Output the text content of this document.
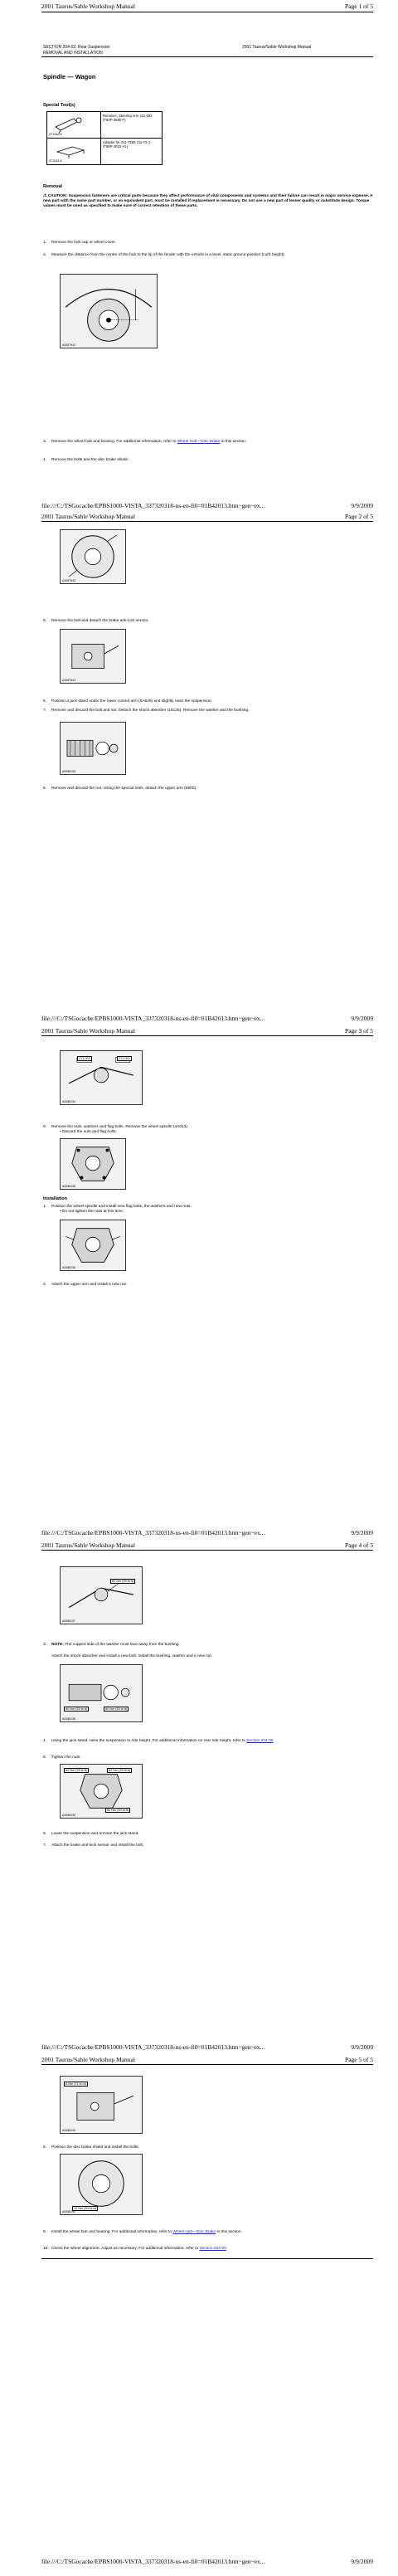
2001 Taurus/Sable Workshop Manual	Page 1 of 5
SECTION 204-02: Rear Suspension
REMOVAL AND INSTALLATION
2001 Taurus/Sable Workshop Manual
Spindle — Wagon
Special Tool(s)
ST1054-A	Remover, Steering Arm 211-003 (T64P-3590-F)

ST2043-A	Adapter for 211-T200 211-T2-1 (T86P-3010-A1)
Removal
⚠ CAUTION: Suspension fasteners are critical parts because they affect performance of vital components and systems and their failure can result in major service expense. A new part with the same part number, or an equivalent part, must be installed if replacement is necessary. Do not use a new part of lesser quality or substitute design. Torque values must be used as specified to make sure of correct retention of these parts.
1. Remove the hub cap or wheel cover.
2. Measure the distance from the center of the hub to the lip of the fender with the vehicle in a level, static ground position (curb height).
A0057942
3. Remove the wheel hub and bearing. For additional information, refer to Wheel Hub—Disc Brake in this section.
4. Remove the bolts and the disc brake shield.
file:///C:/TSGocache/EPBS1000-VISTA_337320318-ns-en-fi0=01B42013.htm~gen~ex...	9/9/2009
2001 Taurus/Sable Workshop Manual	Page 2 of 5
A0057943
5. Remove the bolt and detach the brake anti-lock sensor.
A0057944
6. Position a jack stand under the lower control arm (5A649) and slightly raise the suspension.
7. Remove and discard the bolt and nut. Detach the shock absorber (18125). Remove the washer and the bushing.
A0058133
8. Remove and discard the nut. Using the special tools, detach the upper arm (5500).
file:///C:/TSGocache/EPBS1000-VISTA_337320318-ns-en-fi0=01B42013.htm~gen~ex...	9/9/2009
2001 Taurus/Sable Workshop Manual	Page 3 of 5
211-003	211-003
A0058134
9. Remove the nuts, washers and flag bolts. Remove the wheel spindle (4A013).
• Discard the nuts and flag bolts.
A0058135
Installation
1. Position the wheel spindle and install new flag bolts, the washers and new nuts.
• Do not tighten the nuts at this time.
A0058136
2. Attach the upper arm and install a new nut.
file:///C:/TSGocache/EPBS1000-VISTA_337320318-ns-en-fi0=01B42013.htm~gen~ex...	9/9/2009
2001 Taurus/Sable Workshop Manual	Page 4 of 5
80 Nm (59 lb-ft)
A0058137
3. NOTE: The cupped side of the washer must face away from the bushing.
Attach the shock absorber and install a new bolt. Install the bushing, washer and a new nut.
80 Nm (59 lb-ft)	80 Nm (59 lb-ft)
A0058138
4. Using the jack stand, raise the suspension to ride height. For additional information on rear ride height, refer to Section 204-00.
5. Tighten the nuts.
80 Nm (59 lb-ft)	80 Nm (59 lb-ft)
80 Nm (59 lb-ft)
A0058139
6. Lower the suspension and remove the jack stand.
7. Attach the brake anti-lock sensor and install the bolt.
file:///C:/TSGocache/EPBS1000-VISTA_337320318-ns-en-fi0=01B42013.htm~gen~ex...	9/9/2009
2001 Taurus/Sable Workshop Manual	Page 5 of 5
8 Nm (71 lb-in)
A0058140
8. Position the disc brake shield and install the bolts.
10 Nm (89 lb-in)
A0058141
9. Install the wheel hub and bearing. For additional information, refer to Wheel Hub—Disc Brake in this section.
10. Check the wheel alignment. Adjust as necessary. For additional information, refer to Section 204-00.
file:///C:/TSGocache/EPBS1000-VISTA_337320318-ns-en-fi0=01B42013.htm~gen~ex...	9/9/2009
